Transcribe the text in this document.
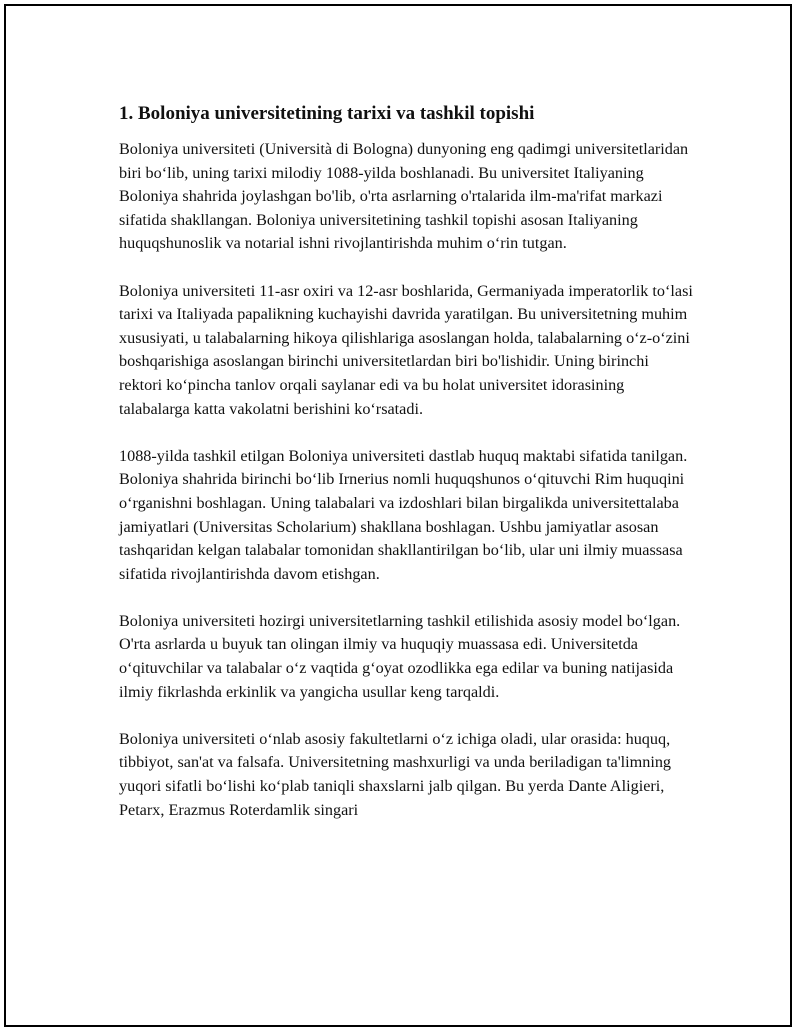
1. Boloniya universitetining tarixi va tashkil topishi

Boloniya universiteti (Università di Bologna) dunyoning eng qadimgi universitetlaridan biri bo‘lib, uning tarixi milodiy 1088-yilda boshlanadi. Bu universitet Italiyaning Boloniya shahrida joylashgan bo'lib, o'rta asrlarning o'rtalarida ilm-ma'rifat markazi sifatida shakllangan. Boloniya universitetining tashkil topishi asosan Italiyaning huquqshunoslik va notarial ishni rivojlantirishda muhim o‘rin tutgan.

Boloniya universiteti 11-asr oxiri va 12-asr boshlarida, Germaniyada imperatorlik to‘lasi tarixi va Italiyada papalikning kuchayishi davrida yaratilgan. Bu universitetning muhim xususiyati, u talabalarning hikoya qilishlariga asoslangan holda, talabalarning o‘z-o‘zini boshqarishiga asoslangan birinchi universitetlardan biri bo'lishidir. Uning birinchi rektori ko‘pincha tanlov orqali saylanar edi va bu holat universitet idorasining talabalarga katta vakolatni berishini ko‘rsatadi.

1088-yilda tashkil etilgan Boloniya universiteti dastlab huquq maktabi sifatida tanilgan. Boloniya shahrida birinchi bo‘lib Irnerius nomli huquqshunos o‘qituvchi Rim huquqini o‘rganishni boshlagan. Uning talabalari va izdoshlari bilan birgalikda universitettalaba jamiyatlari (Universitas Scholarium) shakllana boshlagan. Ushbu jamiyatlar asosan tashqaridan kelgan talabalar tomonidan shakllantirilgan bo‘lib, ular uni ilmiy muassasa sifatida rivojlantirishda davom etishgan.

Boloniya universiteti hozirgi universitetlarning tashkil etilishida asosiy model bo‘lgan. O'rta asrlarda u buyuk tan olingan ilmiy va huquqiy muassasa edi. Universitetda o‘qituvchilar va talabalar o‘z vaqtida g‘oyat ozodlikka ega edilar va buning natijasida ilmiy fikrlashda erkinlik va yangicha usullar keng tarqaldi.

Boloniya universiteti o‘nlab asosiy fakultetlarni o‘z ichiga oladi, ular orasida: huquq, tibbiyot, san'at va falsafa. Universitetning mashxurligi va unda beriladigan ta'limning yuqori sifatli bo‘lishi ko‘plab taniqli shaxslarni jalb qilgan. Bu yerda Dante Aligieri, Petarx, Erazmus Roterdamlik singari
